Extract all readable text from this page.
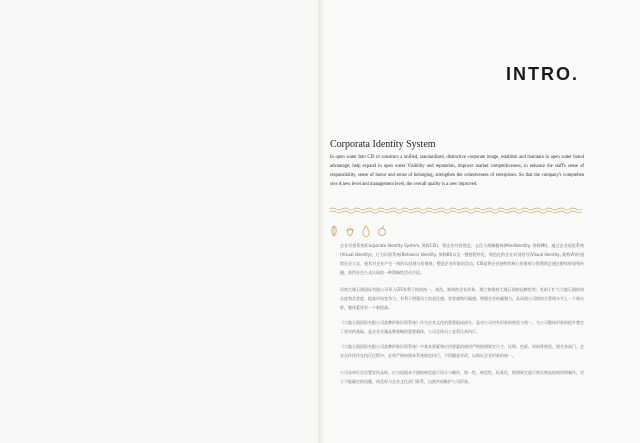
INTRO.
Corporata Identity System

In open water Into CIS to construct a unified, standardized, distinctive corporate image, establish and maintain in open water brand advantage; help expand in open water Visibility and reputation, improve market competitiveness, to enhance the staff's sense of responsibility, sense of honor and sense of belonging, strengthen the cohesiveness of enterprises. So that the company's comprehen sive A new level and management level, the overall quality is a new improved.

企业识别系统(Corporate Identity System, 简称CIS)，将企业经营理念、文化与战略精神(MindIdentity, 简称MI)，通过企业视觉系统(Visual Identity)、行为识别系统(Behavior Identity, 简称BI)以及一整套程序化、规范化的企业识别符号(Visual Identity, 简称VI)传递给社会大众，使其对企业产生一致的认同感与价值观，塑造企业形象的活动。CIS是将企业独特的核心价值观与管理理念通过整体规划和传播，获得社会公众认同的一种策略性活动手段。

河南大地石润国际有限公司导入CIS有利于构筑统一、规范、鲜明的企业形象，建立和维持大地石润的品牌优势；有助于扩大大地石润的知名度和美誉度，提高市场竞争力；有利于增强员工的责任感、荣誉感和归属感，增强企业的凝聚力，从而使公司的综合管理水平上一个新台阶，整体素质有一个新提高。

《大地石润国际有限公司品牌形象识别系统》作为企业文化的重要组成部分，是对公司对外形象的规范与统一，为公司整体形象的提升奠定了坚实的基础，是企业实施品牌战略的重要载体，公司全体员工必须认真执行。

《大地石润国际有限公司品牌形象识别系统》中基本要素和应用要素的使用严格按照规定尺寸、比例、色彩、材料等规范，相关各部门、企业合作伙伴在执行过程中，必须严格按照本系统规范执行，不得随意更改，以保证企业形象的统一。

公司各单位在设置宣传品时，应当依据本手册的规范进行设计与制作，统一性、规范性、标准化，按照规定进行相关物品的使用和制作，对于不能确定的问题，请及时与企业文化部门联系，以便共同维护公司形象。
